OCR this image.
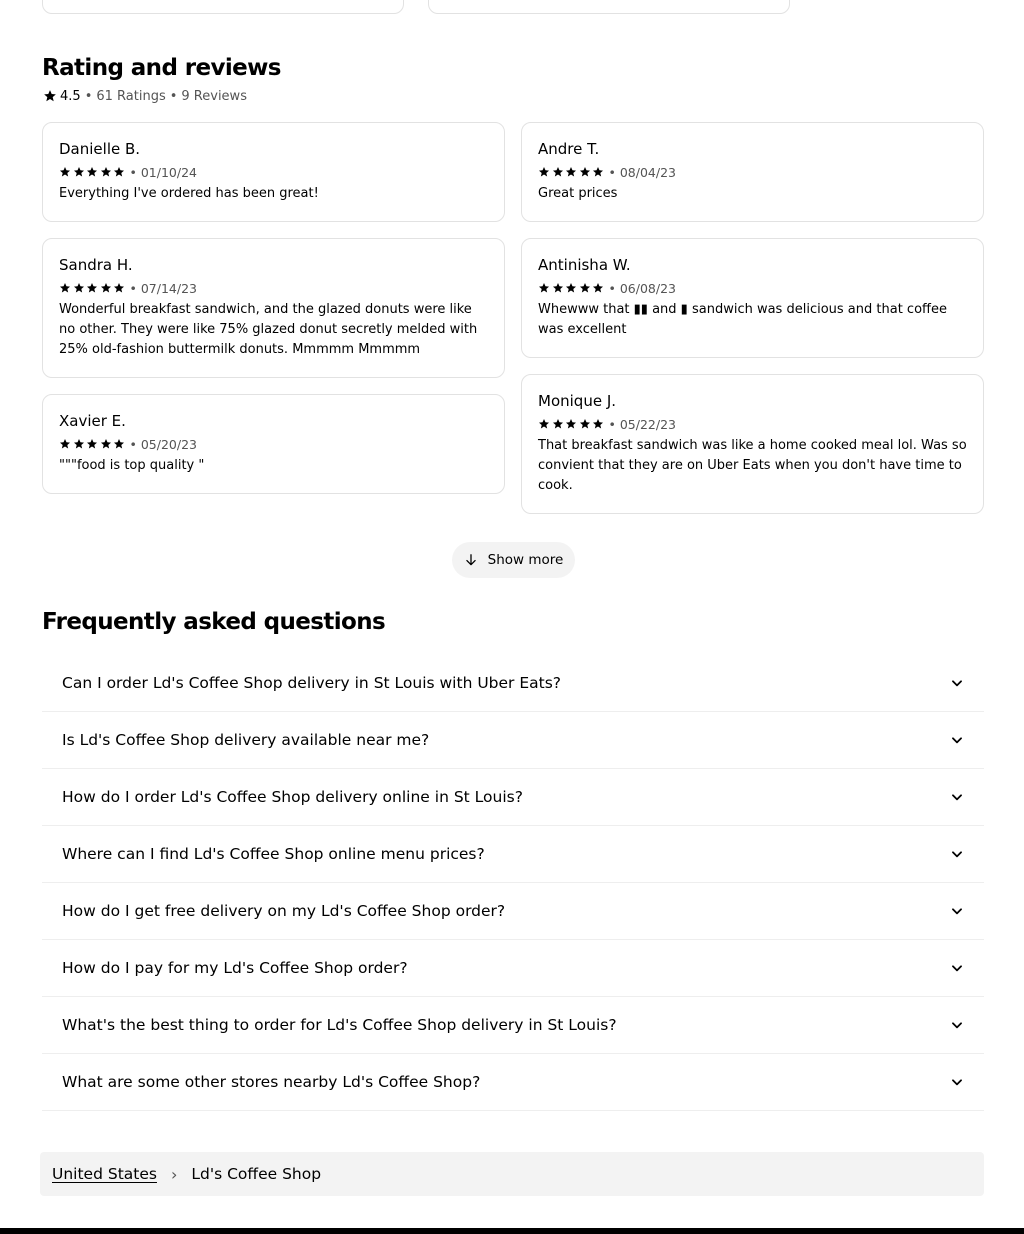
Rating and reviews
4.5 • 61 Ratings • 9 Reviews
Danielle B.
• 01/10/24
Everything I've ordered has been great!
Sandra H.
• 07/14/23
Wonderful breakfast sandwich, and the glazed donuts were like no other. They were like 75% glazed donut secretly melded with 25% old-fashion buttermilk donuts. Mmmmm Mmmmm
Xavier E.
• 05/20/23
"""food is top quality "
Andre T.
• 08/04/23
Great prices
Antinisha W.
• 06/08/23
Whewww that ▮▮ and ▮ sandwich was delicious and that coffee was excellent
Monique J.
• 05/22/23
That breakfast sandwich was like a home cooked meal lol. Was so convient that they are on Uber Eats when you don't have time to cook.
Show more
Frequently asked questions
Can I order Ld's Coffee Shop delivery in St Louis with Uber Eats?
Is Ld's Coffee Shop delivery available near me?
How do I order Ld's Coffee Shop delivery online in St Louis?
Where can I find Ld's Coffee Shop online menu prices?
How do I get free delivery on my Ld's Coffee Shop order?
How do I pay for my Ld's Coffee Shop order?
What's the best thing to order for Ld's Coffee Shop delivery in St Louis?
What are some other stores nearby Ld's Coffee Shop?
United States › Ld's Coffee Shop
